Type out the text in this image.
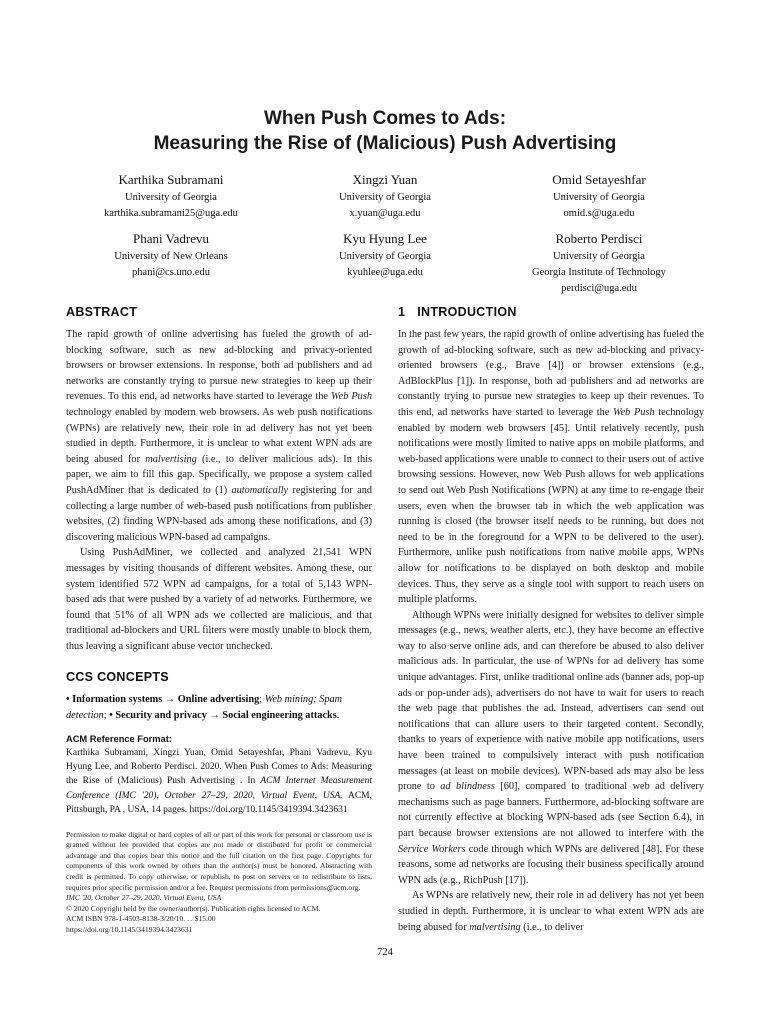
When Push Comes to Ads:
Measuring the Rise of (Malicious) Push Advertising
Karthika Subramani
University of Georgia
karthika.subramani25@uga.edu
Xingzi Yuan
University of Georgia
x.yuan@uga.edu
Omid Setayeshfar
University of Georgia
omid.s@uga.edu
Phani Vadrevu
University of New Orleans
phani@cs.uno.edu
Kyu Hyung Lee
University of Georgia
kyuhlee@uga.edu
Roberto Perdisci
University of Georgia
Georgia Institute of Technology
perdisci@uga.edu
ABSTRACT

The rapid growth of online advertising has fueled the growth of ad-blocking software, such as new ad-blocking and privacy-oriented browsers or browser extensions. In response, both ad publishers and ad networks are constantly trying to pursue new strategies to keep up their revenues. To this end, ad networks have started to leverage the Web Push technology enabled by modern web browsers. As web push notifications (WPNs) are relatively new, their role in ad delivery has not yet been studied in depth. Furthermore, it is unclear to what extent WPN ads are being abused for malvertising (i.e., to deliver malicious ads). In this paper, we aim to fill this gap. Specifically, we propose a system called PushAdMiner that is dedicated to (1) automatically registering for and collecting a large number of web-based push notifications from publisher websites, (2) finding WPN-based ads among these notifications, and (3) discovering malicious WPN-based ad campaigns.

Using PushAdMiner, we collected and analyzed 21,541 WPN messages by visiting thousands of different websites. Among these, our system identified 572 WPN ad campaigns, for a total of 5,143 WPN-based ads that were pushed by a variety of ad networks. Furthermore, we found that 51% of all WPN ads we collected are malicious, and that traditional ad-blockers and URL filters were mostly unable to block them, thus leaving a significant abuse vector unchecked.

CCS CONCEPTS
• Information systems → Online advertising; Web mining; Spam detection; • Security and privacy → Social engineering attacks.
ACM Reference Format:
Karthika Subramani, Xingzi Yuan, Omid Setayeshfar, Phani Vadrevu, Kyu Hyung Lee, and Roberto Perdisci. 2020. When Push Comes to Ads: Measuring the Rise of (Malicious) Push Advertising . In ACM Internet Measurement Conference (IMC '20), October 27–29, 2020, Virtual Event, USA. ACM, Pittsburgh, PA , USA, 14 pages. https://doi.org/10.1145/3419394.3423631
Permission to make digital or hard copies of all or part of this work for personal or classroom use is granted without fee provided that copies are not made or distributed for profit or commercial advantage and that copies bear this notice and the full citation on the first page. Copyrights for components of this work owned by others than the author(s) must be honored. Abstracting with credit is permitted. To copy otherwise, or republish, to post on servers or to redistribute to lists, requires prior specific permission and/or a fee. Request permissions from permissions@acm.org.
IMC '20, October 27–29, 2020, Virtual Event, USA
© 2020 Copyright held by the owner/author(s). Publication rights licensed to ACM.
ACM ISBN 978-1-4503-8138-3/20/10. . . $15.00
https://doi.org/10.1145/3419394.3423631
1 INTRODUCTION

In the past few years, the rapid growth of online advertising has fueled the growth of ad-blocking software, such as new ad-blocking and privacy-oriented browsers (e.g., Brave [4]) or browser extensions (e.g., AdBlockPlus [1]). In response, both ad publishers and ad networks are constantly trying to pursue new strategies to keep up their revenues. To this end, ad networks have started to leverage the Web Push technology enabled by modern web browsers [45]. Until relatively recently, push notifications were mostly limited to native apps on mobile platforms, and web-based applications were unable to connect to their users out of active browsing sessions. However, now Web Push allows for web applications to send out Web Push Notifications (WPN) at any time to re-engage their users, even when the browser tab in which the web application was running is closed (the browser itself needs to be running, but does not need to be in the foreground for a WPN to be delivered to the user). Furthermore, unlike push notifications from native mobile apps, WPNs allow for notifications to be displayed on both desktop and mobile devices. Thus, they serve as a single tool with support to reach users on multiple platforms.

Although WPNs were initially designed for websites to deliver simple messages (e.g., news, weather alerts, etc.), they have become an effective way to also serve online ads, and can therefore be abused to also deliver malicious ads. In particular, the use of WPNs for ad delivery has some unique advantages. First, unlike traditional online ads (banner ads, pop-up ads or pop-under ads), advertisers do not have to wait for users to reach the web page that publishes the ad. Instead, advertisers can send out notifications that can allure users to their targeted content. Secondly, thanks to years of experience with native mobile app notifications, users have been trained to compulsively interact with push notification messages (at least on mobile devices). WPN-based ads may also be less prone to ad blindness [60], compared to traditional web ad delivery mechanisms such as page banners. Furthermore, ad-blocking software are not currently effective at blocking WPN-based ads (see Section 6.4), in part because browser extensions are not allowed to interfere with the Service Workers code through which WPNs are delivered [48]. For these reasons, some ad networks are focusing their business specifically around WPN ads (e.g., RichPush [17]).

As WPNs are relatively new, their role in ad delivery has not yet been studied in depth. Furthermore, it is unclear to what extent WPN ads are being abused for malvertising (i.e., to deliver

724
